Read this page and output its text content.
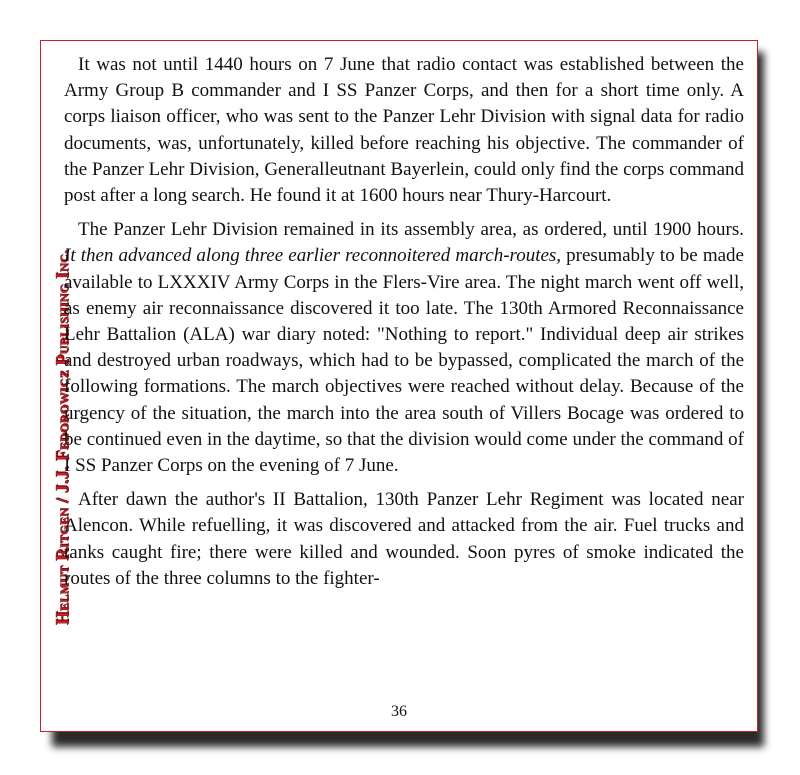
Helmut Ritgen / J.J. Fedorowicz Publishing Inc.

It was not until 1440 hours on 7 June that radio contact was established between the Army Group B commander and I SS Panzer Corps, and then for a short time only. A corps liaison officer, who was sent to the Panzer Lehr Division with signal data for radio documents, was, unfortunately, killed before reaching his objective. The commander of the Panzer Lehr Division, Generalleutnant Bayerlein, could only find the corps command post after a long search. He found it at 1600 hours near Thury-Harcourt.

The Panzer Lehr Division remained in its assembly area, as ordered, until 1900 hours. It then advanced along three earlier reconnoitered march-routes, presumably to be made available to LXXXIV Army Corps in the Flers-Vire area. The night march went off well, as enemy air reconnaissance discovered it too late. The 130th Armored Reconnaissance Lehr Battalion (ALA) war diary noted: "Nothing to report." Individual deep air strikes and destroyed urban roadways, which had to be bypassed, complicated the march of the following formations. The march objectives were reached without delay. Because of the urgency of the situation, the march into the area south of Villers Bocage was ordered to be continued even in the daytime, so that the division would come under the command of I SS Panzer Corps on the evening of 7 June.

After dawn the author's II Battalion, 130th Panzer Lehr Regiment was located near Alencon. While refuelling, it was discovered and attacked from the air. Fuel trucks and tanks caught fire; there were killed and wounded. Soon pyres of smoke indicated the routes of the three columns to the fighter-

36
